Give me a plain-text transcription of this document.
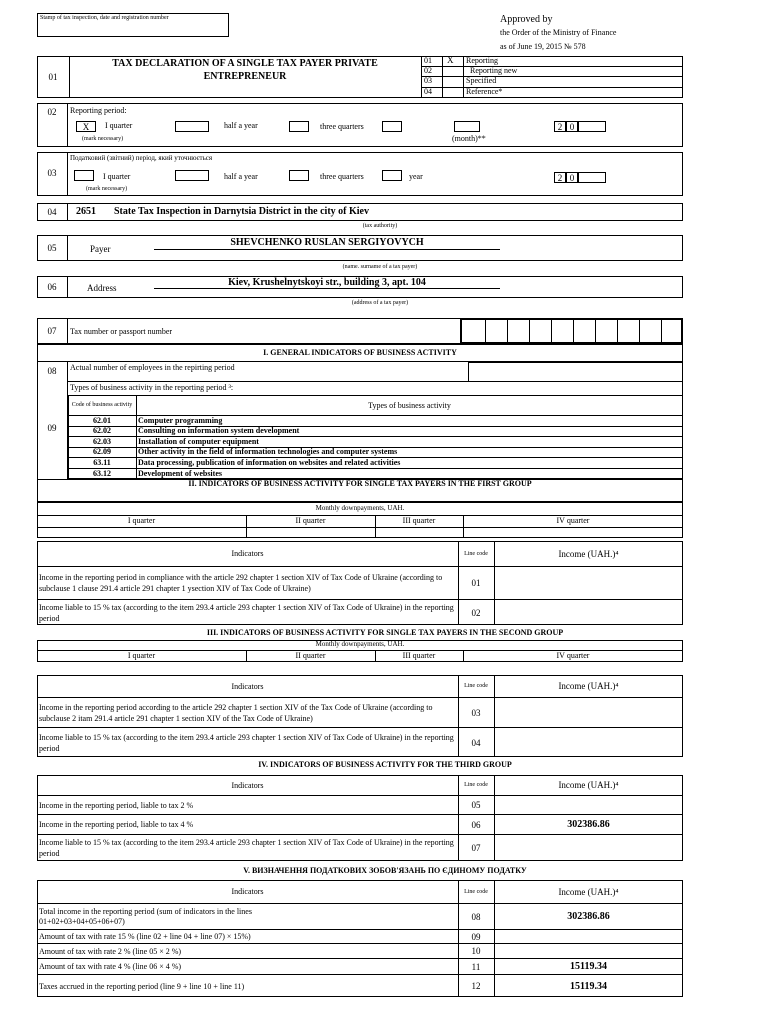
Stamp of tax inspection, date and registration number	Approved by
the Order of the Ministry of Finance
as of June 19, 2015 № 578
01
TAX DECLARATION OF A SINGLE TAX PAYER PRIVATE ENTREPRENEUR
01 X Reporting
02	Reporting new
03	Specified
04	Reference*
02	Reporting period:
X	I quarter	half a year	three quarters	2 0
(mark necessary)	(month)**
03
Податковий (звітний) період, який уточнюється
I quarter	half a year	three quarters	year	2 0
(mark necessary)
04	2651 State Tax Inspection in Darnytsia District in the city of Kiev
(tax authority)
05	Payer
SHEVCHENKO RUSLAN SERGIYOVYCH
(name. surname of a tax payer)
06	Address	Kiev, Krushelnytskoyi str., building 3, apt. 104
(address of a tax payer)
07	Tax number or passport number
I. GENERAL INDICATORS OF BUSINESS ACTIVITY
08	Actual number of employees in the repirting period
Types of business activity in the reporting period ³:
09
Code of business activity	Types of business activity
62.01	Computer programming
62.02	Consulting on information system development
62.03	Installation of computer equipment
62.09	Other activity in the field of information technologies and computer systems
63.11	Data processing, publication of information on websites and related activities
63.12	Development of websites
II. INDICATORS OF BUSINESS ACTIVITY FOR SINGLE TAX PAYERS IN THE FIRST GROUP
Monthly downpayments, UAH.
I quarter	II quarter	III quarter	IV quarter
Indicators	Line code	Income (UAH.)⁴
Income in the reporting period in compliance with the article 292 chapter 1 section XIV of Tax Code of Ukraine (according to subclause 1 clause 291.4 article 291 chapter 1 ysection XIV of Tax Code of Ukraine)
01
Income liable to 15 % tax (according to the item 293.4 article 293 chapter 1 section XIV of Tax Code of Ukraine) in the reporting period
02
III. INDICATORS OF BUSINESS ACTIVITY FOR SINGLE TAX PAYERS IN THE SECOND GROUP
Monthly downpayments, UAH.
I quarter	II quarter	III quarter	IV quarter
Indicators	Line code	Income (UAH.)⁴
Income in the reporting period according to the article 292 chapter 1 section XIV of the Tax Code of Ukraine (according to subclause 2 itam 291.4 article 291 chapter 1 section XIV of the Tax Code of Ukraine)
03
Income liable to 15 % tax (according to the item 293.4 article 293 chapter 1 section XIV of Tax Code of Ukraine) in the reporting period
04
IV. INDICATORS OF BUSINESS ACTIVITY FOR THE THIRD GROUP
Indicators	Line code	Income (UAH.)⁴
Income in the reporting period, liable to tax 2 %	05
Income in the reporting period, liable to tax 4 %	06	302386.86
Income liable to 15 % tax (according to the item 293.4 article 293 chapter 1 section XIV of Tax Code of Ukraine) in the reporting period
07
V. ВИЗНАЧЕННЯ ПОДАТКОВИХ ЗОБОВ'ЯЗАНЬ ПО ЄДИНОМУ ПОДАТКУ
Indicators	Line code	Income (UAH.)⁴
Total income in the reporting period (sum of indicators in the lines 01+02+03+04+05+06+07)	08	302386.86
Amount of tax with rate 15 % (line 02 + line 04 + line 07) × 15%)	09
Amount of tax with rate 2 % (line 05 × 2 %)	10
Amount of tax with rate 4 % (line 06 × 4 %)	11	15119.34
Taxes accrued in the reporting period (line 9 + line 10 + line 11)	12	15119.34
